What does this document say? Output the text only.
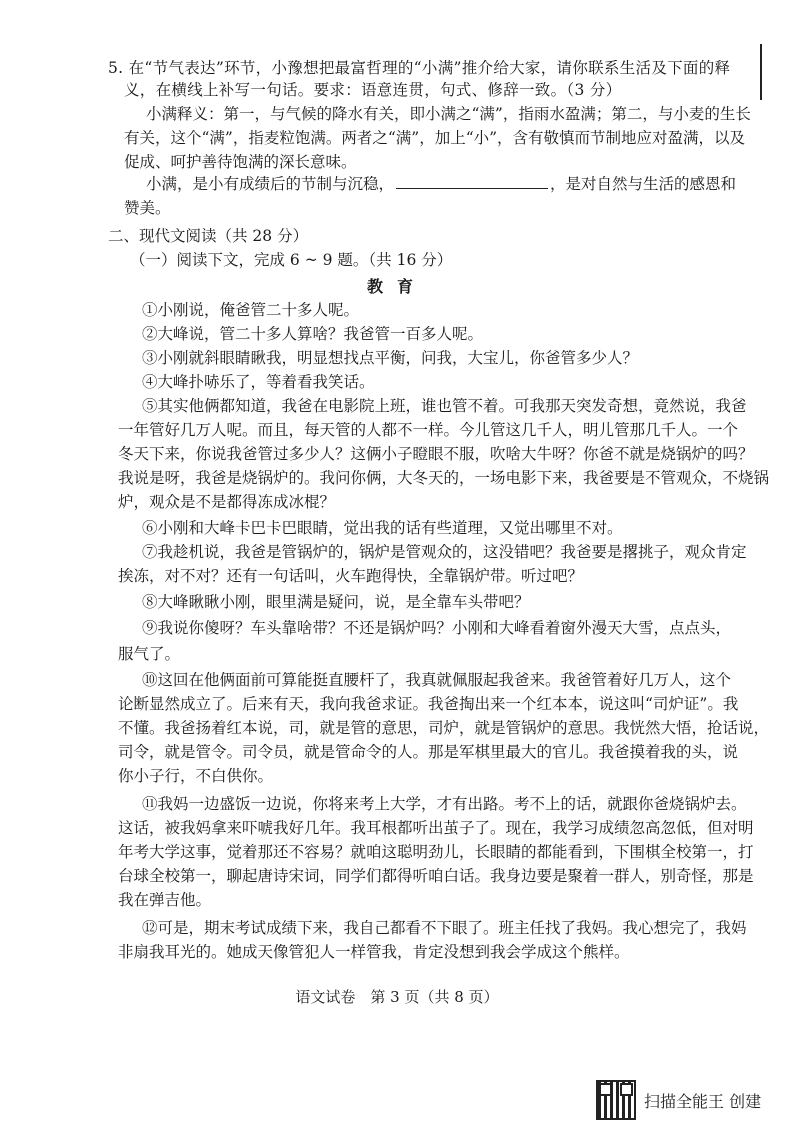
5. 在“节气表达”环节，小豫想把最富哲理的“小满”推介给大家，请你联系生活及下面的释
义，在横线上补写一句话。要求：语意连贯，句式、修辞一致。（3 分）
小满释义：第一，与气候的降水有关，即小满之“满”，指雨水盈满；第二，与小麦的生长
有关，这个“满”，指麦粒饱满。两者之“满”，加上“小”，含有敬慎而节制地应对盈满，以及
促成、呵护善待饱满的深长意味。
小满，是小有成绩后的节制与沉稳，	，是对自然与生活的感恩和
赞美。
二、现代文阅读（共 28 分）
（一）阅读下文，完成 6 ~ 9 题。（共 16 分）
教育
①小刚说，俺爸管二十多人呢。
②大峰说，管二十多人算啥？我爸管一百多人呢。
③小刚就斜眼睛瞅我，明显想找点平衡，问我，大宝儿，你爸管多少人？
④大峰扑哧乐了，等着看我笑话。
⑤其实他俩都知道，我爸在电影院上班，谁也管不着。可我那天突发奇想，竟然说，我爸
一年管好几万人呢。而且，每天管的人都不一样。今儿管这几千人，明儿管那几千人。一个
冬天下来，你说我爸管过多少人？这俩小子瞪眼不服，吹啥大牛呀？你爸不就是烧锅炉的吗？
我说是呀，我爸是烧锅炉的。我问你俩，大冬天的，一场电影下来，我爸要是不管观众，不烧锅
炉，观众是不是都得冻成冰棍？
⑥小刚和大峰卡巴卡巴眼睛，觉出我的话有些道理，又觉出哪里不对。
⑦我趁机说，我爸是管锅炉的，锅炉是管观众的，这没错吧？我爸要是撂挑子，观众肯定
挨冻，对不对？还有一句话叫，火车跑得快，全靠锅炉带。听过吧？
⑧大峰瞅瞅小刚，眼里满是疑问，说，是全靠车头带吧？
⑨我说你傻呀？车头靠啥带？不还是锅炉吗？小刚和大峰看着窗外漫天大雪，点点头，
服气了。
⑩这回在他俩面前可算能挺直腰杆了，我真就佩服起我爸来。我爸管着好几万人，这个
论断显然成立了。后来有天，我向我爸求证。我爸掏出来一个红本本，说这叫“司炉证”。我
不懂。我爸扬着红本说，司，就是管的意思，司炉，就是管锅炉的意思。我恍然大悟，抢话说，
司令，就是管令。司令员，就是管命令的人。那是军棋里最大的官儿。我爸摸着我的头，说
你小子行，不白供你。
⑪我妈一边盛饭一边说，你将来考上大学，才有出路。考不上的话，就跟你爸烧锅炉去。
这话，被我妈拿来吓唬我好几年。我耳根都听出茧子了。现在，我学习成绩忽高忽低，但对明
年考大学这事，觉着那还不容易？就咱这聪明劲儿，长眼睛的都能看到，下围棋全校第一，打
台球全校第一，聊起唐诗宋词，同学们都得听咱白话。我身边要是聚着一群人，别奇怪，那是
我在弹吉他。
⑫可是，期末考试成绩下来，我自己都看不下眼了。班主任找了我妈。我心想完了，我妈
非扇我耳光的。她成天像管犯人一样管我，肯定没想到我会学成这个熊样。
语文试卷　第 3 页（共 8 页）
扫描全能王 创建
